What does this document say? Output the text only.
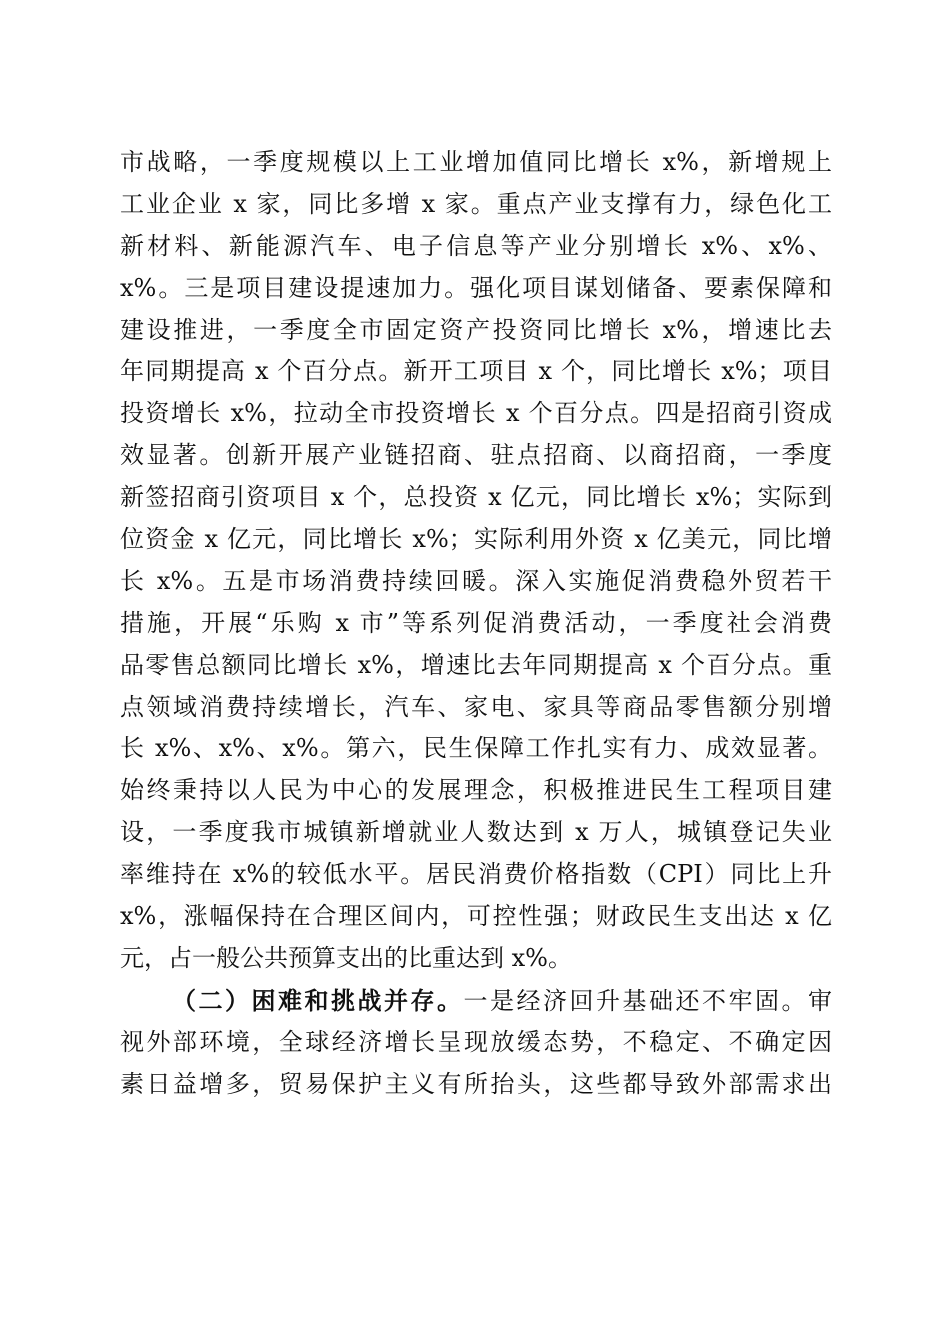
市战略，一季度规模以上工业增加值同比增长 x%，新增规上
工业企业 x 家，同比多增 x 家。重点产业支撑有力，绿色化工
新材料、新能源汽车、电子信息等产业分别增长 x%、x%、
x%。三是项目建设提速加力。强化项目谋划储备、要素保障和
建设推进，一季度全市固定资产投资同比增长 x%，增速比去
年同期提高 x 个百分点。新开工项目 x 个，同比增长 x%；项目
投资增长 x%，拉动全市投资增长 x 个百分点。四是招商引资成
效显著。创新开展产业链招商、驻点招商、以商招商，一季度
新签招商引资项目 x 个，总投资 x 亿元，同比增长 x%；实际到
位资金 x 亿元，同比增长 x%；实际利用外资 x 亿美元，同比增
长 x%。五是市场消费持续回暖。深入实施促消费稳外贸若干
措施，开展“乐购 x 市”等系列促消费活动，一季度社会消费
品零售总额同比增长 x%，增速比去年同期提高 x 个百分点。重
点领域消费持续增长，汽车、家电、家具等商品零售额分别增
长 x%、x%、x%。第六，民生保障工作扎实有力、成效显著。
始终秉持以人民为中心的发展理念，积极推进民生工程项目建
设，一季度我市城镇新增就业人数达到 x 万人，城镇登记失业
率维持在 x%的较低水平。居民消费价格指数（CPI）同比上升
x%，涨幅保持在合理区间内，可控性强；财政民生支出达 x 亿
元，占一般公共预算支出的比重达到 x%。
（二）困难和挑战并存。一是经济回升基础还不牢固。审
视外部环境，全球经济增长呈现放缓态势，不稳定、不确定因
素日益增多，贸易保护主义有所抬头，这些都导致外部需求出
